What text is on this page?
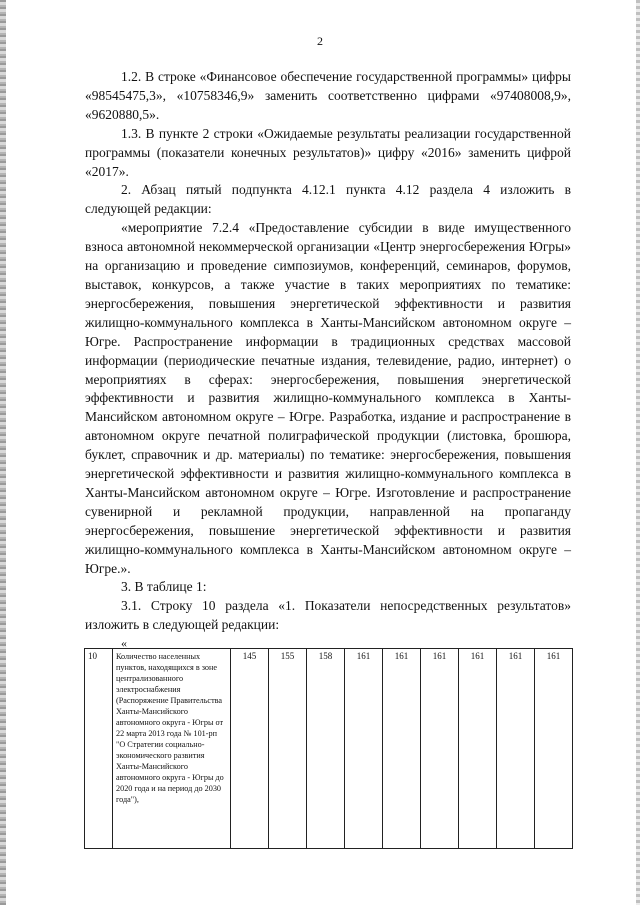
2

1.2. В строке «Финансовое обеспечение государственной программы» цифры «98545475,3», «10758346,9» заменить соответственно цифрами «97408008,9», «9620880,5».

1.3. В пункте 2 строки «Ожидаемые результаты реализации государственной программы (показатели конечных результатов)» цифру «2016» заменить цифрой «2017».

2. Абзац пятый подпункта 4.12.1 пункта 4.12 раздела 4 изложить в следующей редакции:

«мероприятие 7.2.4 «Предоставление субсидии в виде имущественного взноса автономной некоммерческой организации «Центр энергосбережения Югры» на организацию и проведение симпозиумов, конференций, семинаров, форумов, выставок, конкурсов, а также участие в таких мероприятиях по тематике: энергосбережения, повышения энергетической эффективности и развития жилищно-коммунального комплекса в Ханты-Мансийском автономном округе – Югре. Распространение информации в традиционных средствах массовой информации (периодические печатные издания, телевидение, радио, интернет) о мероприятиях в сферах: энергосбережения, повышения энергетической эффективности и развития жилищно-коммунального комплекса в Ханты-Мансийском автономном округе – Югре. Разработка, издание и распространение в автономном округе печатной полиграфической продукции (листовка, брошюра, буклет, справочник и др. материалы) по тематике: энергосбережения, повышения энергетической эффективности и развития жилищно-коммунального комплекса в Ханты-Мансийском автономном округе – Югре. Изготовление и распространение сувенирной и рекламной продукции, направленной на пропаганду энергосбережения, повышение энергетической эффективности и развития жилищно-коммунального комплекса в Ханты-Мансийском автономном округе – Югре.».

3. В таблице 1:

3.1. Строку 10 раздела «1. Показатели непосредственных результатов» изложить в следующей редакции:

«

10	Количество населенных пунктов, находящихся в зоне централизованного электроснабжения (Распоряжение Правительства Ханты-Мансийского автономного округа - Югры от 22 марта 2013 года № 101-рп "О Стратегии социально-экономического развития Ханты-Мансийского автономного округа - Югры до 2020 года и на период до 2030 года"),	145	155	158	161	161	161	161	161	161
